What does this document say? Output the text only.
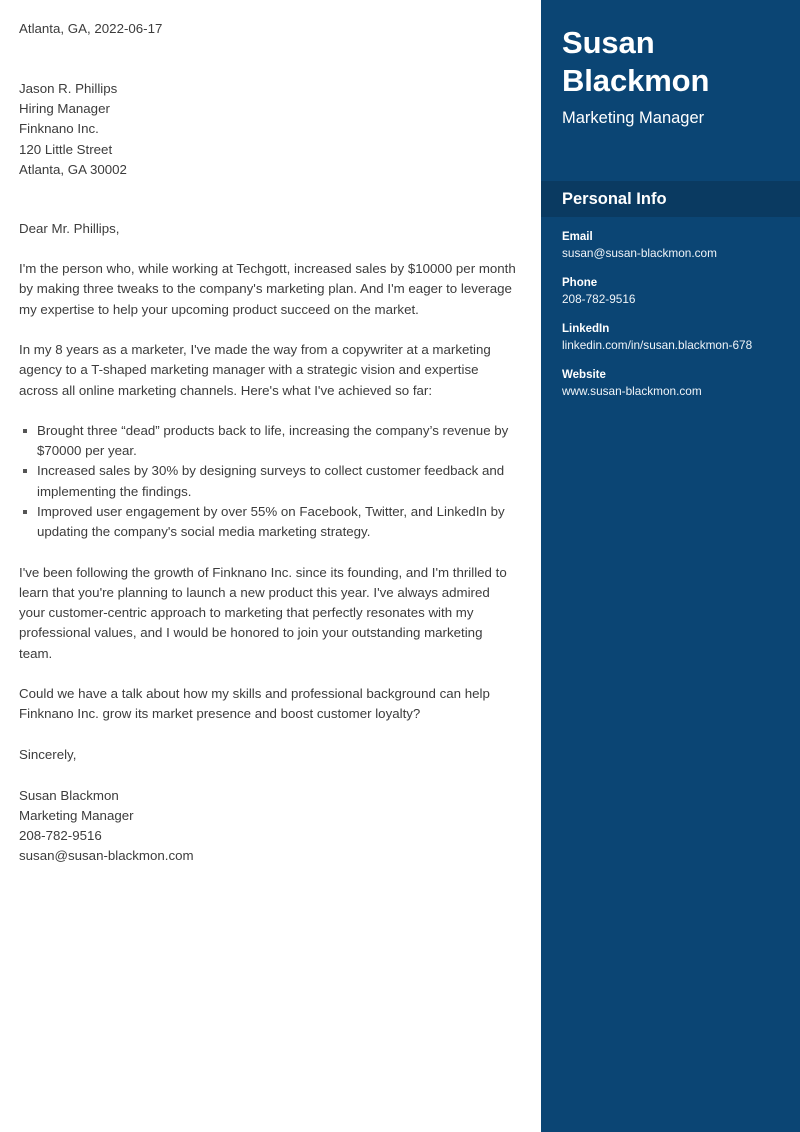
Atlanta, GA, 2022-06-17
Jason R. Phillips
Hiring Manager
Finknano Inc.
120 Little Street
Atlanta, GA 30002
Dear Mr. Phillips,

I'm the person who, while working at Techgott, increased sales by $10000 per month by making three tweaks to the company's marketing plan. And I'm eager to leverage my expertise to help your upcoming product succeed on the market.

In my 8 years as a marketer, I've made the way from a copywriter at a marketing agency to a T-shaped marketing manager with a strategic vision and expertise across all online marketing channels. Here's what I've achieved so far:

Brought three “dead” products back to life, increasing the company’s revenue by $70000 per year.
Increased sales by 30% by designing surveys to collect customer feedback and implementing the findings.
Improved user engagement by over 55% on Facebook, Twitter, and LinkedIn by updating the company's social media marketing strategy.

I've been following the growth of Finknano Inc. since its founding, and I'm thrilled to learn that you're planning to launch a new product this year. I've always admired your customer-centric approach to marketing that perfectly resonates with my professional values, and I would be honored to join your outstanding marketing team.

Could we have a talk about how my skills and professional background can help Finknano Inc. grow its market presence and boost customer loyalty?

Sincerely,
Susan Blackmon
Marketing Manager
208-782-9516
susan@susan-blackmon.com
Susan Blackmon
Marketing Manager
Personal Info
Email
susan@susan-blackmon.com
Phone
208-782-9516
LinkedIn
linkedin.com/in/susan.blackmon-678
Website
www.susan-blackmon.com
